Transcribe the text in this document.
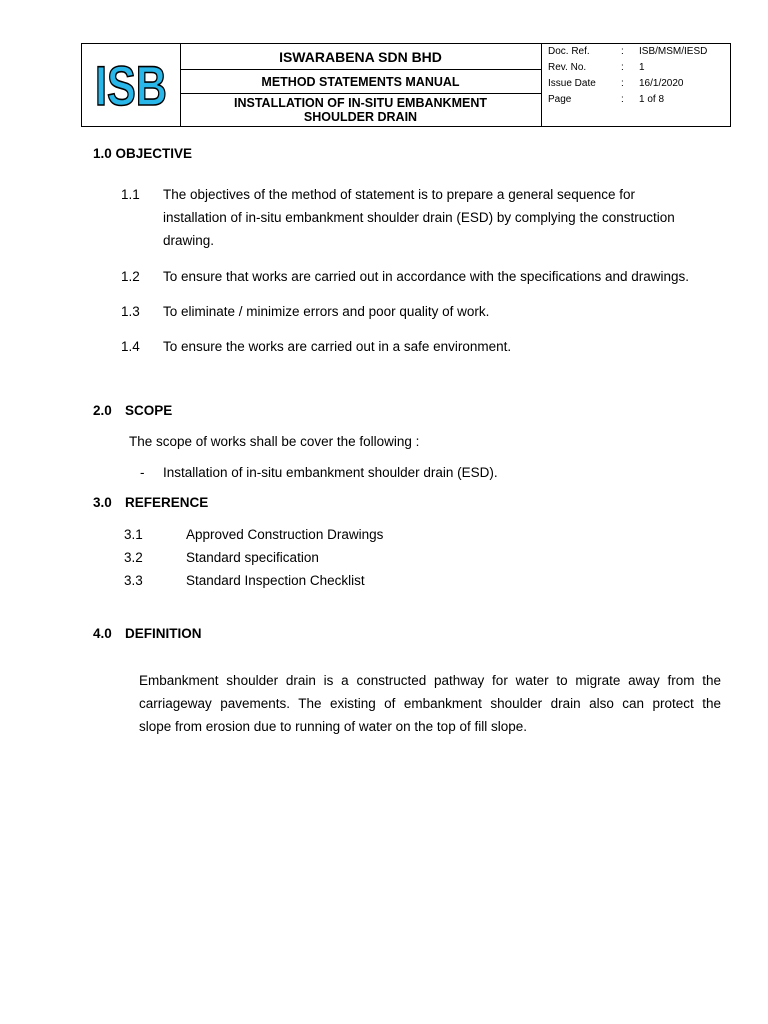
ISB	ISWARABENA SDN BHD
METHOD STATEMENTS MANUAL
INSTALLATION OF IN-SITU EMBANKMENT
SHOULDER DRAIN
Doc. Ref.	: ISB/MSM/IESD
Rev. No.	: 1
Issue Date	: 16/1/2020
Page	: 1 of 8
1.0 OBJECTIVE
1.1 The objectives of the method of statement is to prepare a general sequence for
installation of in-situ embankment shoulder drain (ESD) by complying the construction
drawing.
1.2 To ensure that works are carried out in accordance with the specifications and drawings.
1.3 To eliminate / minimize errors and poor quality of work.
1.4 To ensure the works are carried out in a safe environment.
2.0 SCOPE
The scope of works shall be cover the following :
- Installation of in-situ embankment shoulder drain (ESD).
3.0 REFERENCE
3.1	Approved Construction Drawings
3.2	Standard specification
3.3	Standard Inspection Checklist
4.0 DEFINITION
Embankment shoulder drain is a constructed pathway for water to migrate away from the
carriageway pavements. The existing of embankment shoulder drain also can protect the
slope from erosion due to running of water on the top of fill slope.
